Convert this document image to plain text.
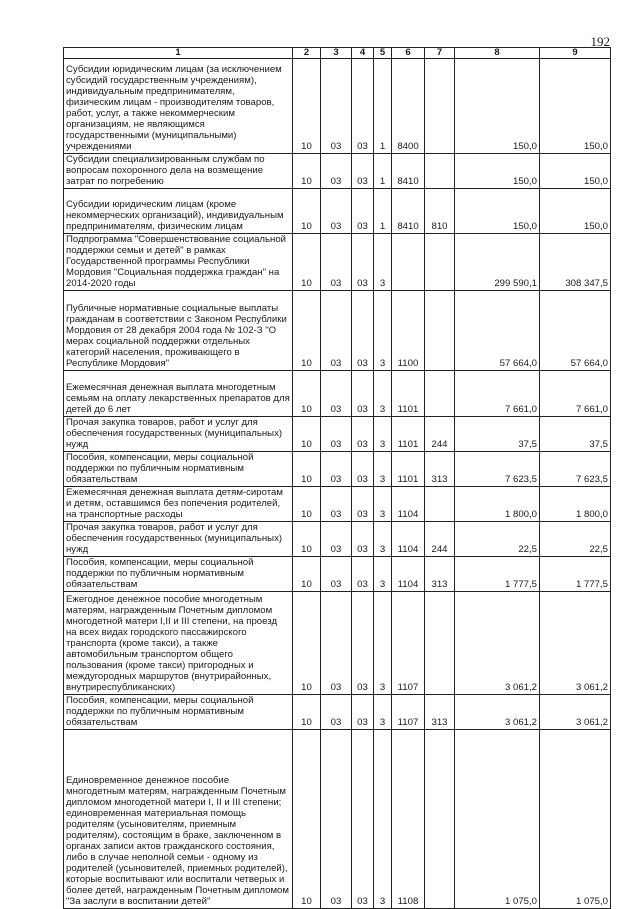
192
1	2	3	4	5	6	7	8	9
Субсидии юридическим лицам (за исключением субсидий государственным учреждениям), индивидуальным предпринимателям, физическим лицам - производителям товаров, работ, услуг, а также некоммерческим организациям, не являющимся государственными (муниципальными) учреждениями	10	03	03	1	8400		150,0	150,0
Субсидии специализированным службам по вопросам похоронного дела на возмещение затрат по погребению	10	03	03	1	8410		150,0	150,0
Субсидии юридическим лицам (кроме некоммерческих организаций), индивидуальным предпринимателям, физическим лицам	10	03	03	1	8410	810	150,0	150,0
Подпрограмма "Совершенствование социальной поддержки семьи и детей" в рамках Государственной программы Республики Мордовия "Социальная поддержка граждан" на 2014-2020 годы	10	03	03	3			299 590,1	308 347,5
Публичные нормативные социальные выплаты гражданам в соответствии с Законом Республики Мордовия от 28 декабря 2004 года № 102-З "О мерах социальной поддержки отдельных категорий населения, проживающего в Республике Мордовия"	10	03	03	3	1100		57 664,0	57 664,0
Ежемесячная денежная выплата многодетным семьям на оплату лекарственных препаратов для детей до 6 лет	10	03	03	3	1101		7 661,0	7 661,0
Прочая закупка товаров, работ и услуг для обеспечения государственных (муниципальных) нужд	10	03	03	3	1101	244	37,5	37,5
Пособия, компенсации, меры социальной поддержки по публичным нормативным обязательствам	10	03	03	3	1101	313	7 623,5	7 623,5
Ежемесячная денежная выплата детям-сиротам и детям, оставшимся без попечения родителей, на транспортные расходы	10	03	03	3	1104		1 800,0	1 800,0
Прочая закупка товаров, работ и услуг для обеспечения государственных (муниципальных) нужд	10	03	03	3	1104	244	22,5	22,5
Пособия, компенсации, меры социальной поддержки по публичным нормативным обязательствам	10	03	03	3	1104	313	1 777,5	1 777,5
Ежегодное денежное пособие многодетным матерям, награжденным Почетным дипломом многодетной матери I,II и III степени, на проезд на всех видах городского пассажирского транспорта (кроме такси), а также автомобильным транспортом общего пользования (кроме такси) пригородных и междугородных маршрутов (внутрирайонных, внутриреспубликанских)	10	03	03	3	1107		3 061,2	3 061,2
Пособия, компенсации, меры социальной поддержки по публичным нормативным обязательствам	10	03	03	3	1107	313	3 061,2	3 061,2
Единовременное денежное пособие многодетным матерям, награжденным Почетным дипломом многодетной матери I, II и III степени; единовременная материальная помощь родителям (усыновителям, приемным родителям), состоящим в браке, заключенном в органах записи актов гражданского состояния, либо в случае неполной семьи - одному из родителей (усыновителей, приемных родителей), которые воспитывают или воспитали четверых и более детей, награжденным Почетным дипломом "За заслуги в воспитании детей"	10	03	03	3	1108		1 075,0	1 075,0
